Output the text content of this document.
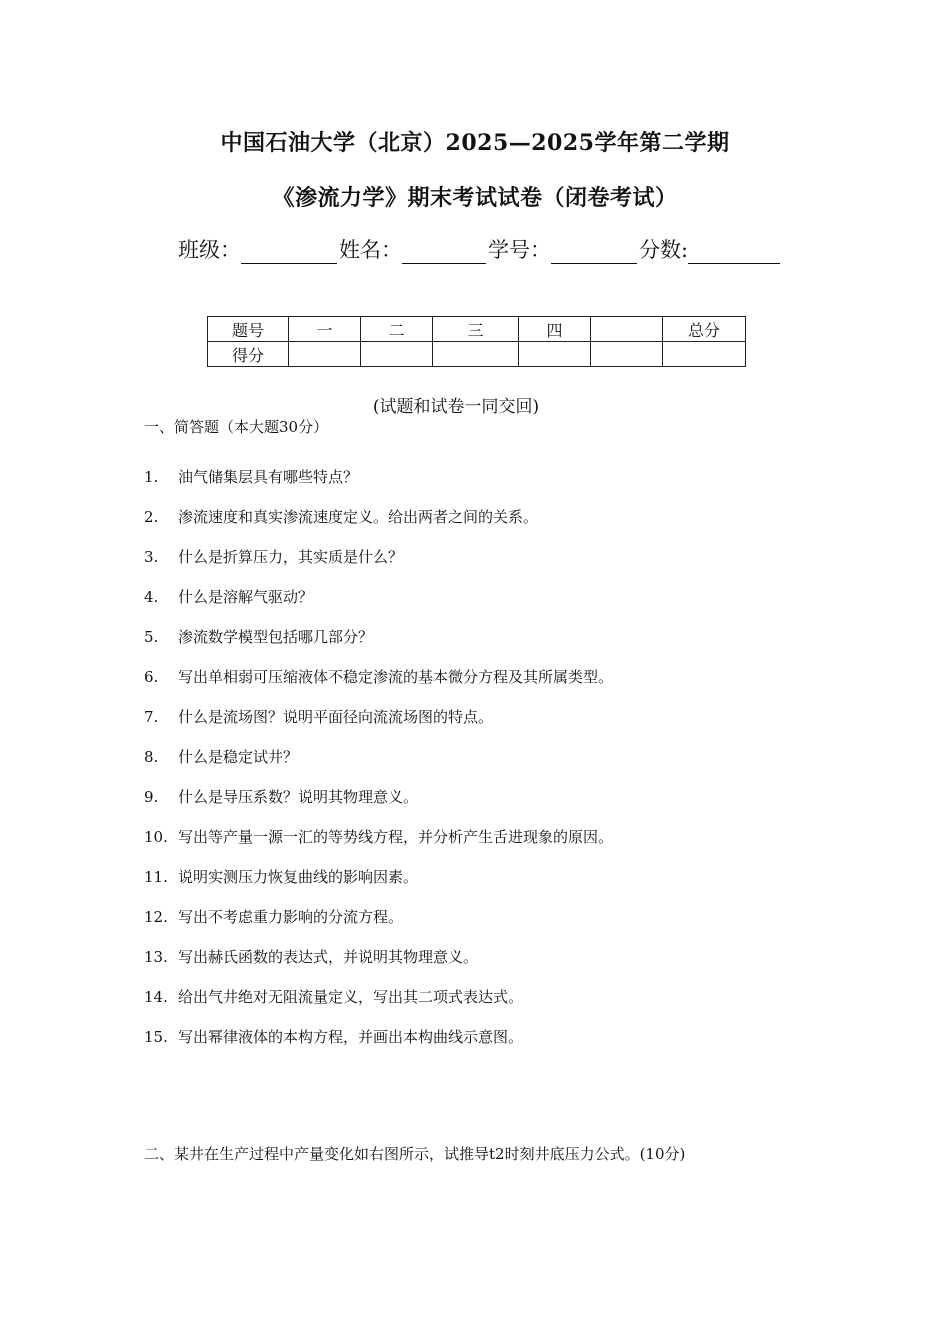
中国石油大学（北京）2025—2025学年第二学期
《渗流力学》期末考试试卷（闭卷考试）
班级：	姓名：	学号：	分数:
题号	一	二	三	四		总分
得分						
(试题和试卷一同交回)
一、简答题（本大题30分）
1. 油气储集层具有哪些特点？
2. 渗流速度和真实渗流速度定义。给出两者之间的关系。
3. 什么是折算压力，其实质是什么？
4. 什么是溶解气驱动？
5. 渗流数学模型包括哪几部分？
6. 写出单相弱可压缩液体不稳定渗流的基本微分方程及其所属类型。
7. 什么是流场图？说明平面径向流流场图的特点。
8. 什么是稳定试井？
9. 什么是导压系数？说明其物理意义。
10. 写出等产量一源一汇的等势线方程，并分析产生舌进现象的原因。
11. 说明实测压力恢复曲线的影响因素。
12. 写出不考虑重力影响的分流方程。
13. 写出赫氏函数的表达式，并说明其物理意义。
14. 给出气井绝对无阻流量定义，写出其二项式表达式。
15. 写出幂律液体的本构方程，并画出本构曲线示意图。
二、某井在生产过程中产量变化如右图所示，试推导t2时刻井底压力公式。(10分)
